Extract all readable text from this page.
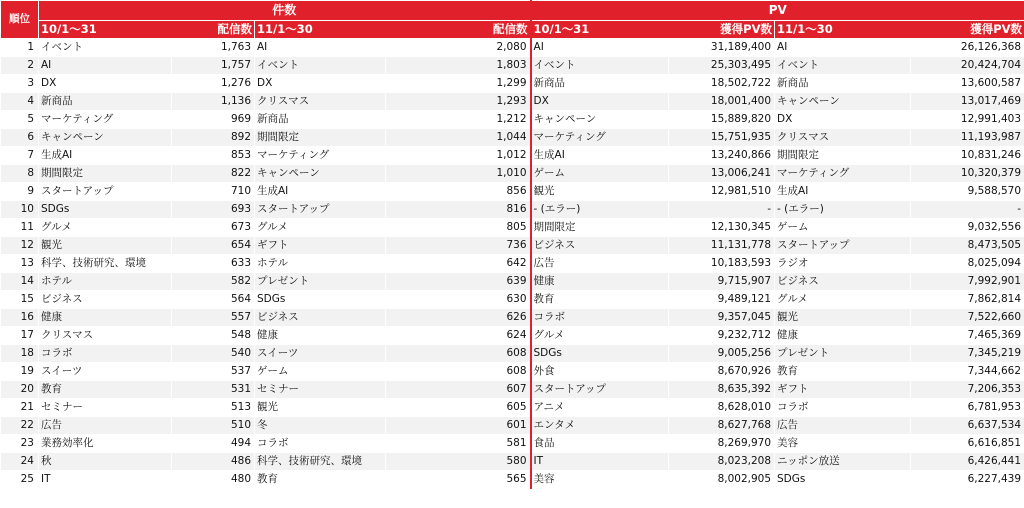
順位	件数				PV			

	10/1～31 配信数		11/1～30 配信数		10/1～31 獲得PV数		11/1～30 獲得PV数	

1	イベント	1,763	AI	2,080	AI	31,189,400	AI	26,126,368
2	AI	1,757	イベント	1,803	イベント	25,303,495	イベント	20,424,704
3	DX	1,276	DX	1,299	新商品	18,502,722	新商品	13,600,587
4	新商品	1,136	クリスマス	1,293	DX	18,001,400	キャンペーン	13,017,469
5	マーケティング	969	新商品	1,212	キャンペーン	15,889,820	DX	12,991,403
6	キャンペーン	892	期間限定	1,044	マーケティング	15,751,935	クリスマス	11,193,987
7	生成AI	853	マーケティング	1,012	生成AI	13,240,866	期間限定	10,831,246
8	期間限定	822	キャンペーン	1,010	ゲーム	13,006,241	マーケティング	10,320,379
9	スタートアップ	710	生成AI	856	観光	12,981,510	生成AI	9,588,570
10	SDGs	693	スタートアップ	816	- (エラー)	-	- (エラー)	-
11	グルメ	673	グルメ	805	期間限定	12,130,345	ゲーム	9,032,556
12	観光	654	ギフト	736	ビジネス	11,131,778	スタートアップ	8,473,505
13	科学、技術研究、環境	633	ホテル	642	広告	10,183,593	ラジオ	8,025,094
14	ホテル	582	プレゼント	639	健康	9,715,907	ビジネス	7,992,901
15	ビジネス	564	SDGs	630	教育	9,489,121	グルメ	7,862,814
16	健康	557	ビジネス	626	コラボ	9,357,045	観光	7,522,660
17	クリスマス	548	健康	624	グルメ	9,232,712	健康	7,465,369
18	コラボ	540	スイーツ	608	SDGs	9,005,256	プレゼント	7,345,219
19	スイーツ	537	ゲーム	608	外食	8,670,926	教育	7,344,662
20	教育	531	セミナー	607	スタートアップ	8,635,392	ギフト	7,206,353
21	セミナー	513	観光	605	アニメ	8,628,010	コラボ	6,781,953
22	広告	510	冬	601	エンタメ	8,627,768	広告	6,637,534
23	業務効率化	494	コラボ	581	食品	8,269,970	美容	6,616,851
24	秋	486	科学、技術研究、環境	580	IT	8,023,208	ニッポン放送	6,426,441
25	IT	480	教育	565	美容	8,002,905	SDGs	6,227,439
